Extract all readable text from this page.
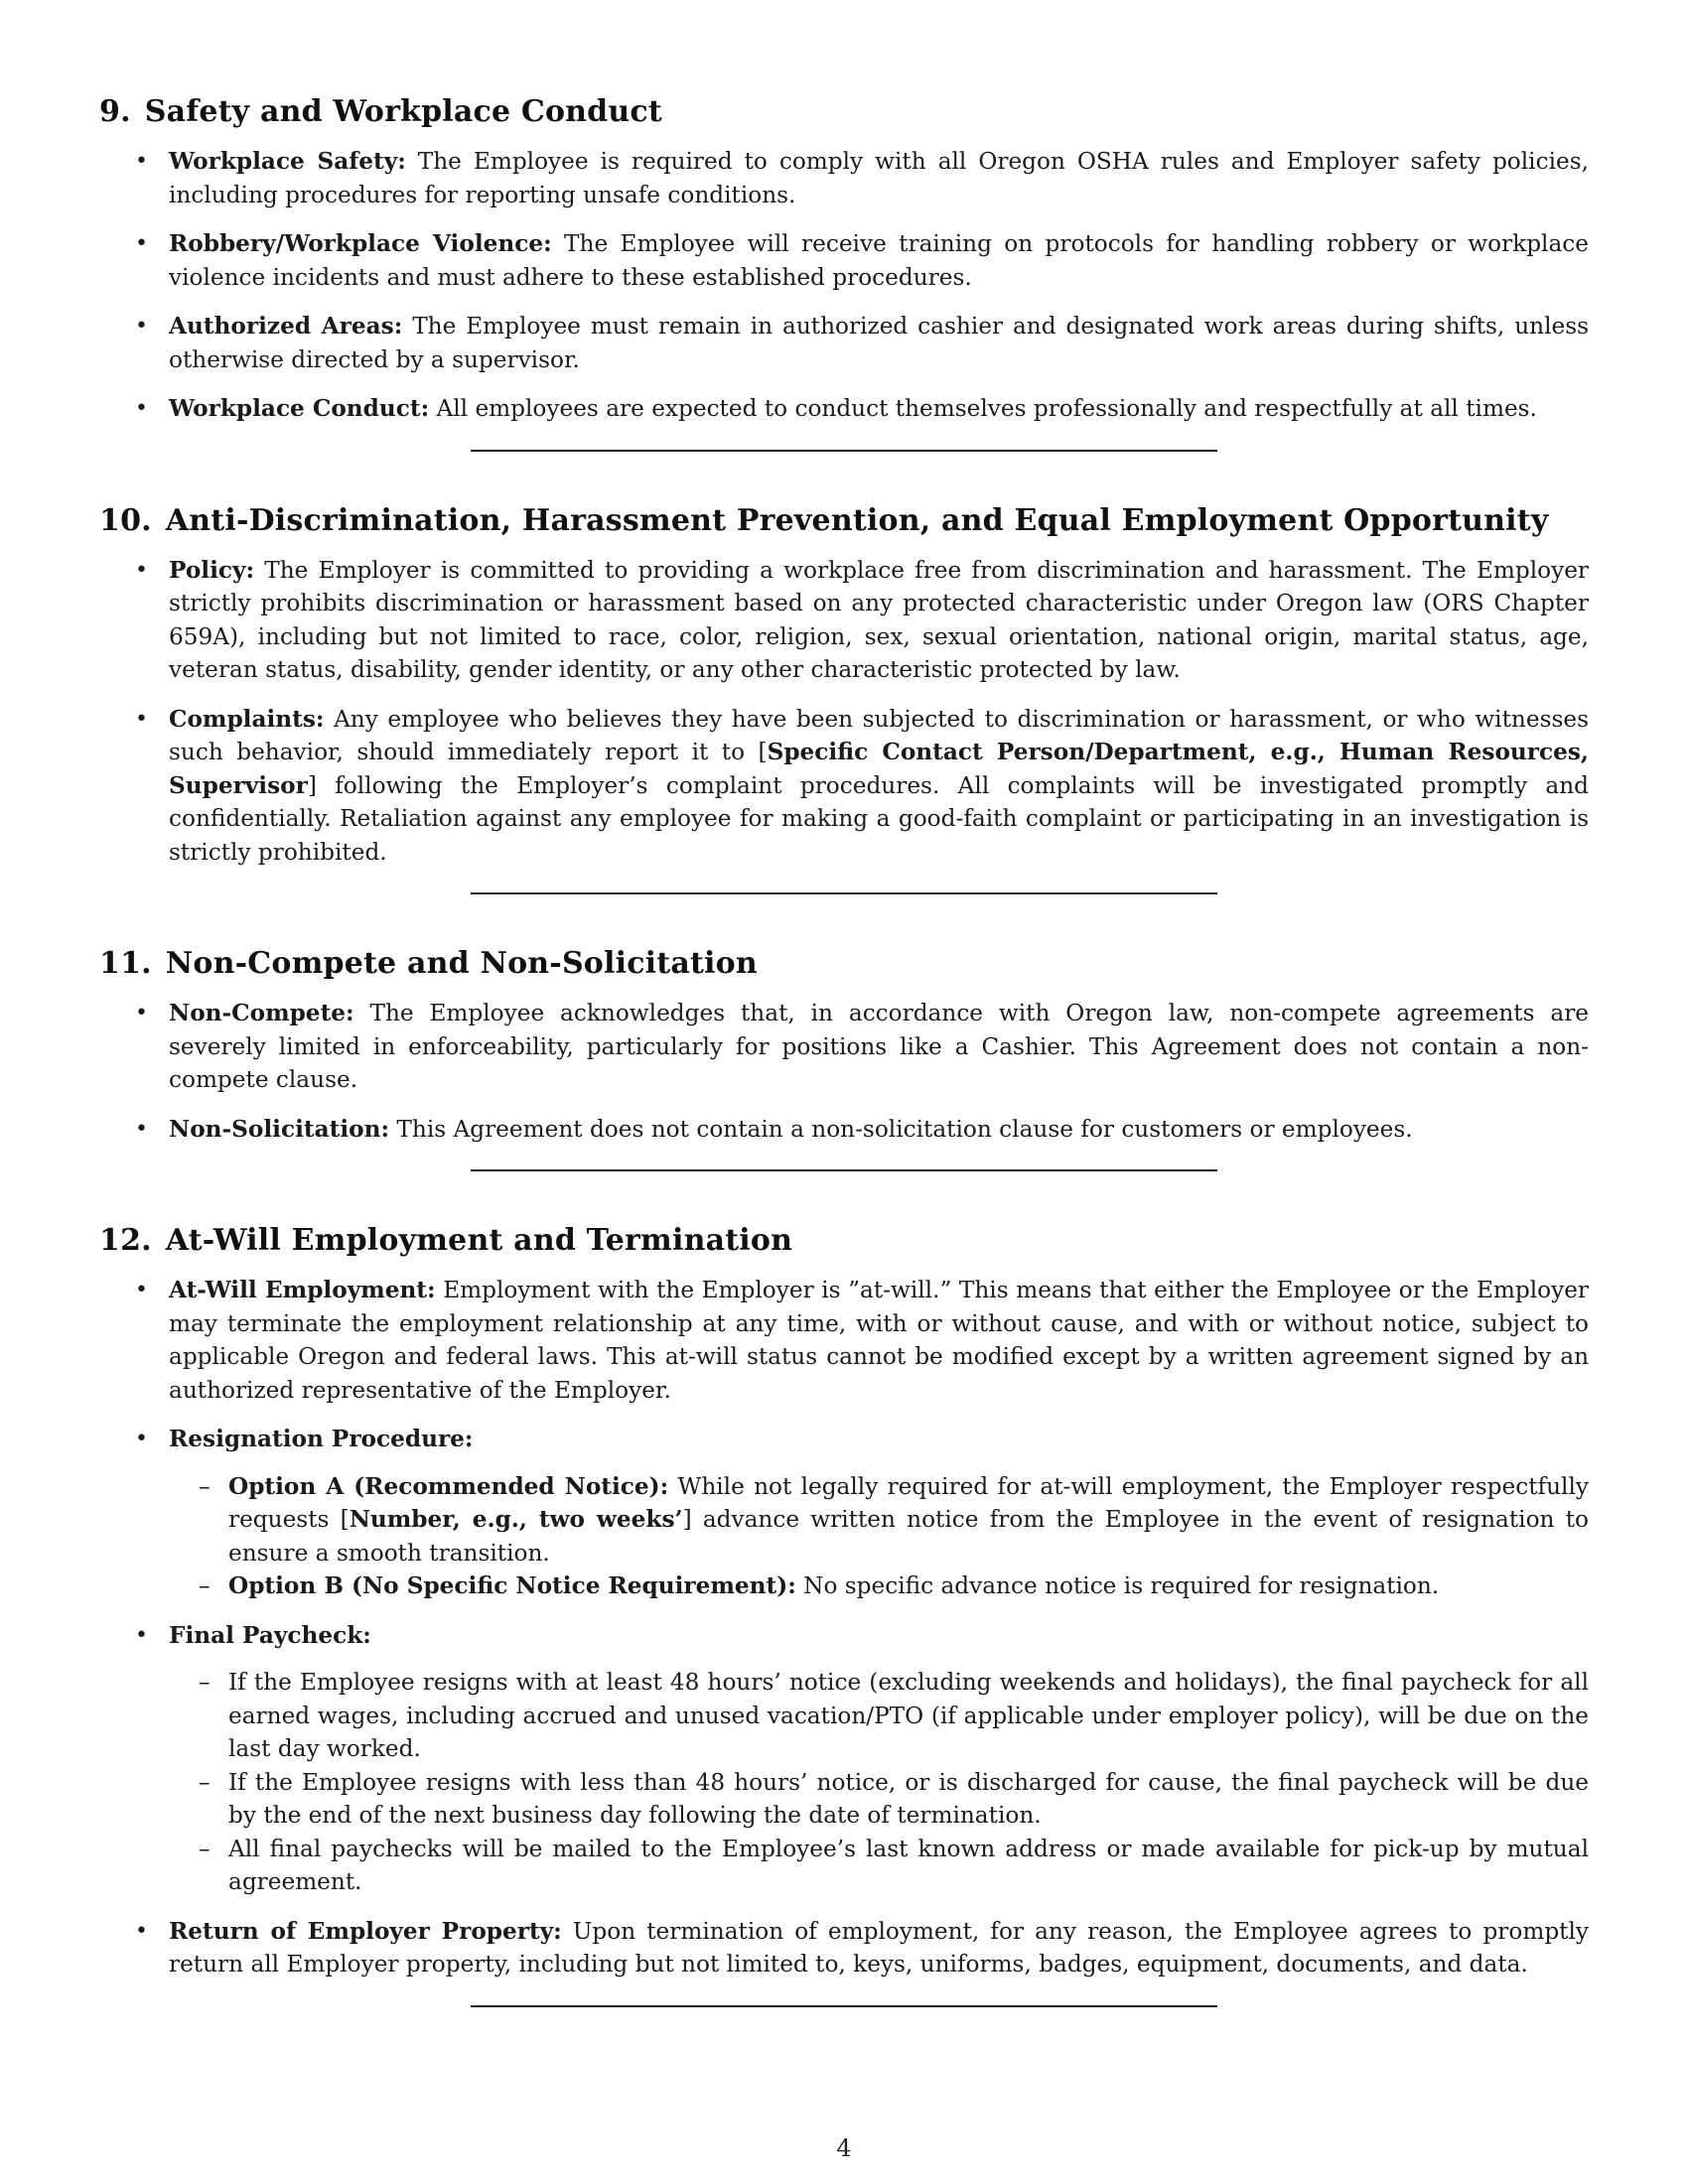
9. Safety and Workplace Conduct
• Workplace Safety: The Employee is required to comply with all Oregon OSHA rules and Employer safety policies, including procedures for reporting unsafe conditions.
• Robbery/Workplace Violence: The Employee will receive training on protocols for handling robbery or workplace violence incidents and must adhere to these established procedures.
• Authorized Areas: The Employee must remain in authorized cashier and designated work areas during shifts, unless otherwise directed by a supervisor.
• Workplace Conduct: All employees are expected to conduct themselves professionally and respectfully at all times.
10. Anti-Discrimination, Harassment Prevention, and Equal Employment Opportunity
• Policy: The Employer is committed to providing a workplace free from discrimination and harassment. The Employer strictly prohibits discrimination or harassment based on any protected characteristic under Oregon law (ORS Chapter 659A), including but not limited to race, color, religion, sex, sexual orientation, national origin, marital status, age, veteran status, disability, gender identity, or any other characteristic protected by law.
• Complaints: Any employee who believes they have been subjected to discrimination or harassment, or who witnesses such behavior, should immediately report it to [Specific Contact Person/Department, e.g., Human Resources, Supervisor] following the Employer’s complaint procedures. All complaints will be investigated promptly and confidentially. Retaliation against any employee for making a good-faith complaint or participating in an investigation is strictly prohibited.
11. Non-Compete and Non-Solicitation
• Non-Compete: The Employee acknowledges that, in accordance with Oregon law, non-compete agreements are severely limited in enforceability, particularly for positions like a Cashier. This Agreement does not contain a non-compete clause.
• Non-Solicitation: This Agreement does not contain a non-solicitation clause for customers or employees.
12. At-Will Employment and Termination
• At-Will Employment: Employment with the Employer is ”at-will.” This means that either the Employee or the Employer may terminate the employment relationship at any time, with or without cause, and with or without notice, subject to applicable Oregon and federal laws. This at-will status cannot be modified except by a written agreement signed by an authorized representative of the Employer.
• Resignation Procedure:
– Option A (Recommended Notice): While not legally required for at-will employment, the Employer respectfully requests [Number, e.g., two weeks’] advance written notice from the Employee in the event of resignation to ensure a smooth transition.
– Option B (No Specific Notice Requirement): No specific advance notice is required for resignation.
• Final Paycheck:
– If the Employee resigns with at least 48 hours’ notice (excluding weekends and holidays), the final paycheck for all earned wages, including accrued and unused vacation/PTO (if applicable under employer policy), will be due on the last day worked.
– If the Employee resigns with less than 48 hours’ notice, or is discharged for cause, the final paycheck will be due by the end of the next business day following the date of termination.
– All final paychecks will be mailed to the Employee’s last known address or made available for pick-up by mutual agreement.
• Return of Employer Property: Upon termination of employment, for any reason, the Employee agrees to promptly return all Employer property, including but not limited to, keys, uniforms, badges, equipment, documents, and data.
4
